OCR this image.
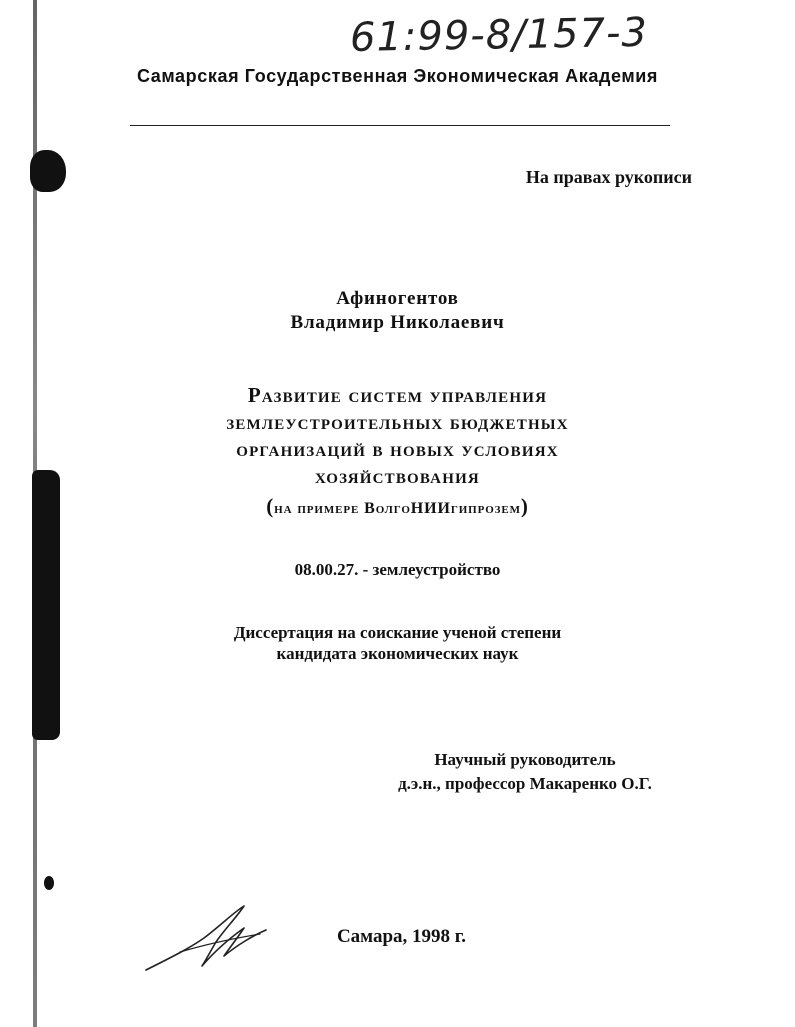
61:99-8/157-3
Самарская Государственная Экономическая Академия
На правах рукописи
Афиногентов
Владимир Николаевич
Развитие систем управления
землеустроительных бюджетных
организаций в новых условиях
хозяйствования
(на примере ВолгоНИИгипрозем)
08.00.27. - землеустройство
Диссертация на соискание ученой степени
кандидата экономических наук
Научный руководитель
д.э.н., профессор Макаренко О.Г.
Самара, 1998 г.
